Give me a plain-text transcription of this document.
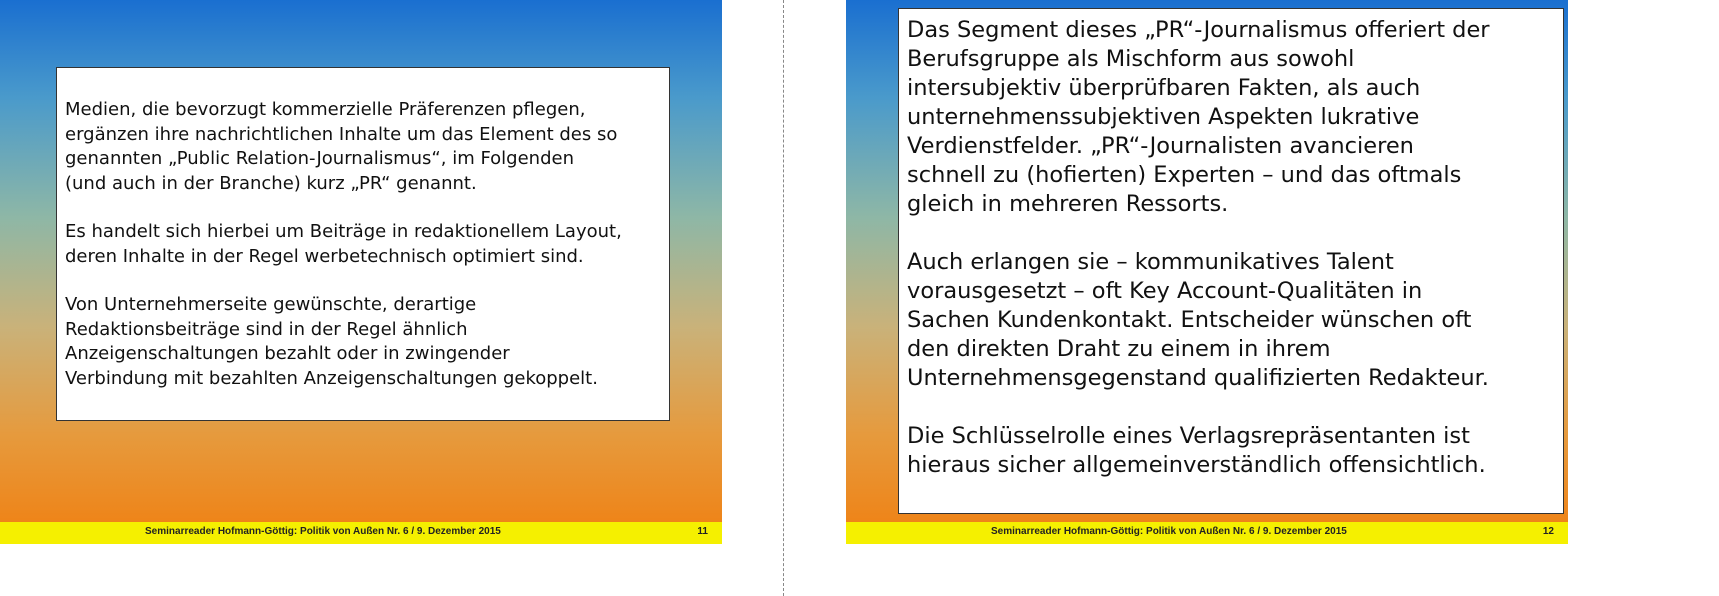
Medien, die bevorzugt kommerzielle Präferenzen pflegen,
ergänzen ihre nachrichtlichen Inhalte um das Element des so
genannten „Public Relation-Journalismus“, im Folgenden
(und auch in der Branche) kurz „PR“ genannt.

Es handelt sich hierbei um Beiträge in redaktionellem Layout,
deren Inhalte in der Regel werbetechnisch optimiert sind.

Von Unternehmerseite gewünschte, derartige
Redaktionsbeiträge sind in der Regel ähnlich
Anzeigenschaltungen bezahlt oder in zwingender
Verbindung mit bezahlten Anzeigenschaltungen gekoppelt.

Seminarreader Hofmann-Göttig: Politik von Außen Nr. 6 / 9. Dezember 2015	11

Das Segment dieses „PR“-Journalismus offeriert der
Berufsgruppe als Mischform aus sowohl
intersubjektiv überprüfbaren Fakten, als auch
unternehmenssubjektiven Aspekten lukrative
Verdienstfelder. „PR“-Journalisten avancieren
schnell zu (hofierten) Experten – und das oftmals
gleich in mehreren Ressorts.

Auch erlangen sie – kommunikatives Talent
vorausgesetzt – oft Key Account-Qualitäten in
Sachen Kundenkontakt. Entscheider wünschen oft
den direkten Draht zu einem in ihrem
Unternehmensgegenstand qualifizierten Redakteur.

Die Schlüsselrolle eines Verlagsrepräsentanten ist
hieraus sicher allgemeinverständlich offensichtlich.

Seminarreader Hofmann-Göttig: Politik von Außen Nr. 6 / 9. Dezember 2015	12
